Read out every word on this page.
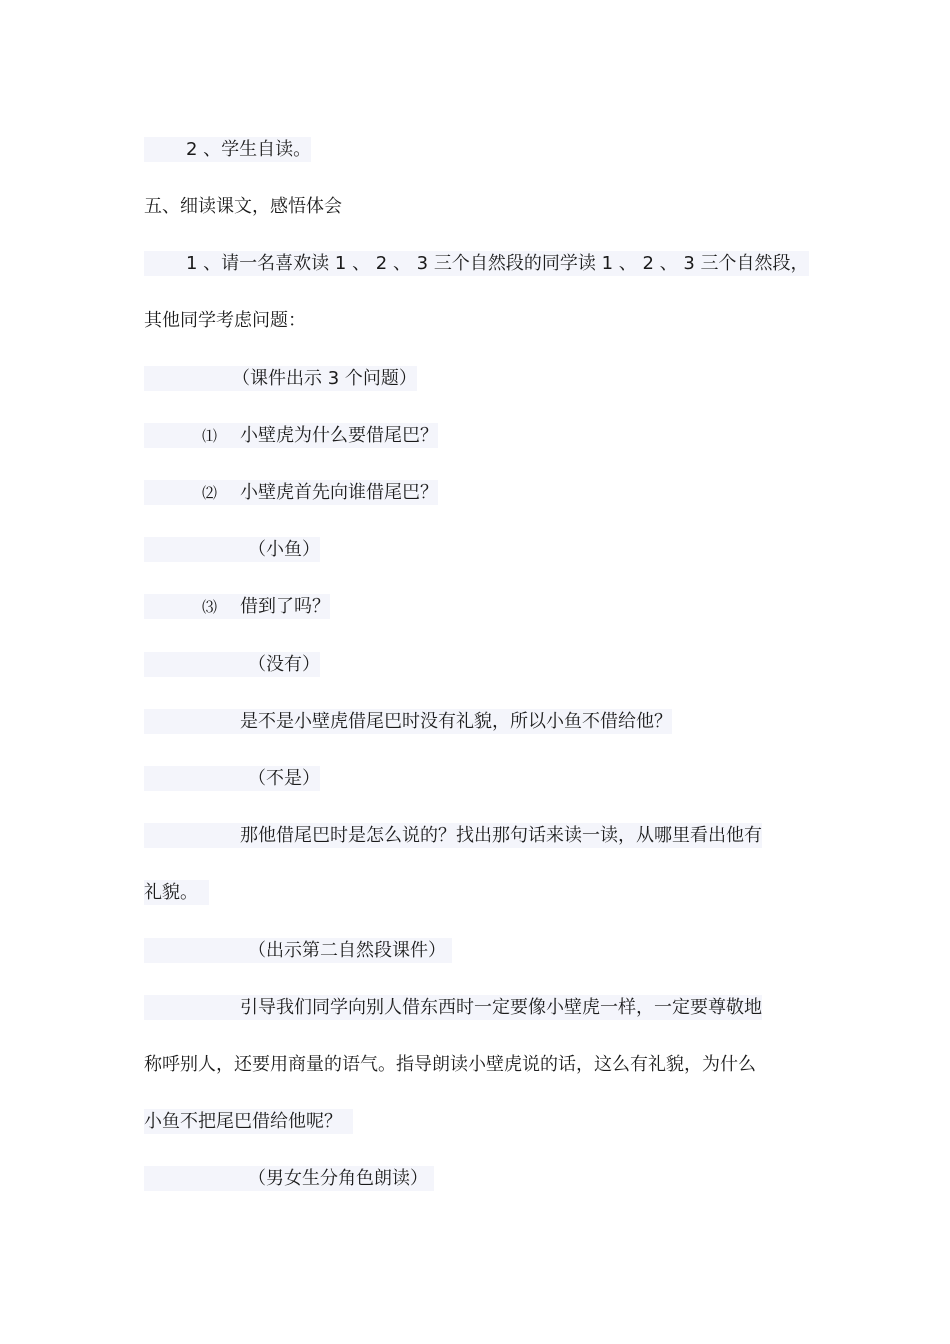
2 、学生自读。
五、细读课文，感悟体会
1 、请一名喜欢读 1 、 2 、 3 三个自然段的同学读 1 、 2 、 3 三个自然段，
其他同学考虑问题：
（课件出示 3 个问题）
⑴ 小壁虎为什么要借尾巴？
⑵ 小壁虎首先向谁借尾巴？
（小鱼）
⑶ 借到了吗？
（没有）
是不是小壁虎借尾巴时没有礼貌，所以小鱼不借给他？
（不是）
那他借尾巴时是怎么说的？找出那句话来读一读，从哪里看出他有
礼貌。
（出示第二自然段课件）
引导我们同学向别人借东西时一定要像小壁虎一样，一定要尊敬地
称呼别人，还要用商量的语气。指导朗读小壁虎说的话，这么有礼貌，为什么
小鱼不把尾巴借给他呢？
（男女生分角色朗读）
